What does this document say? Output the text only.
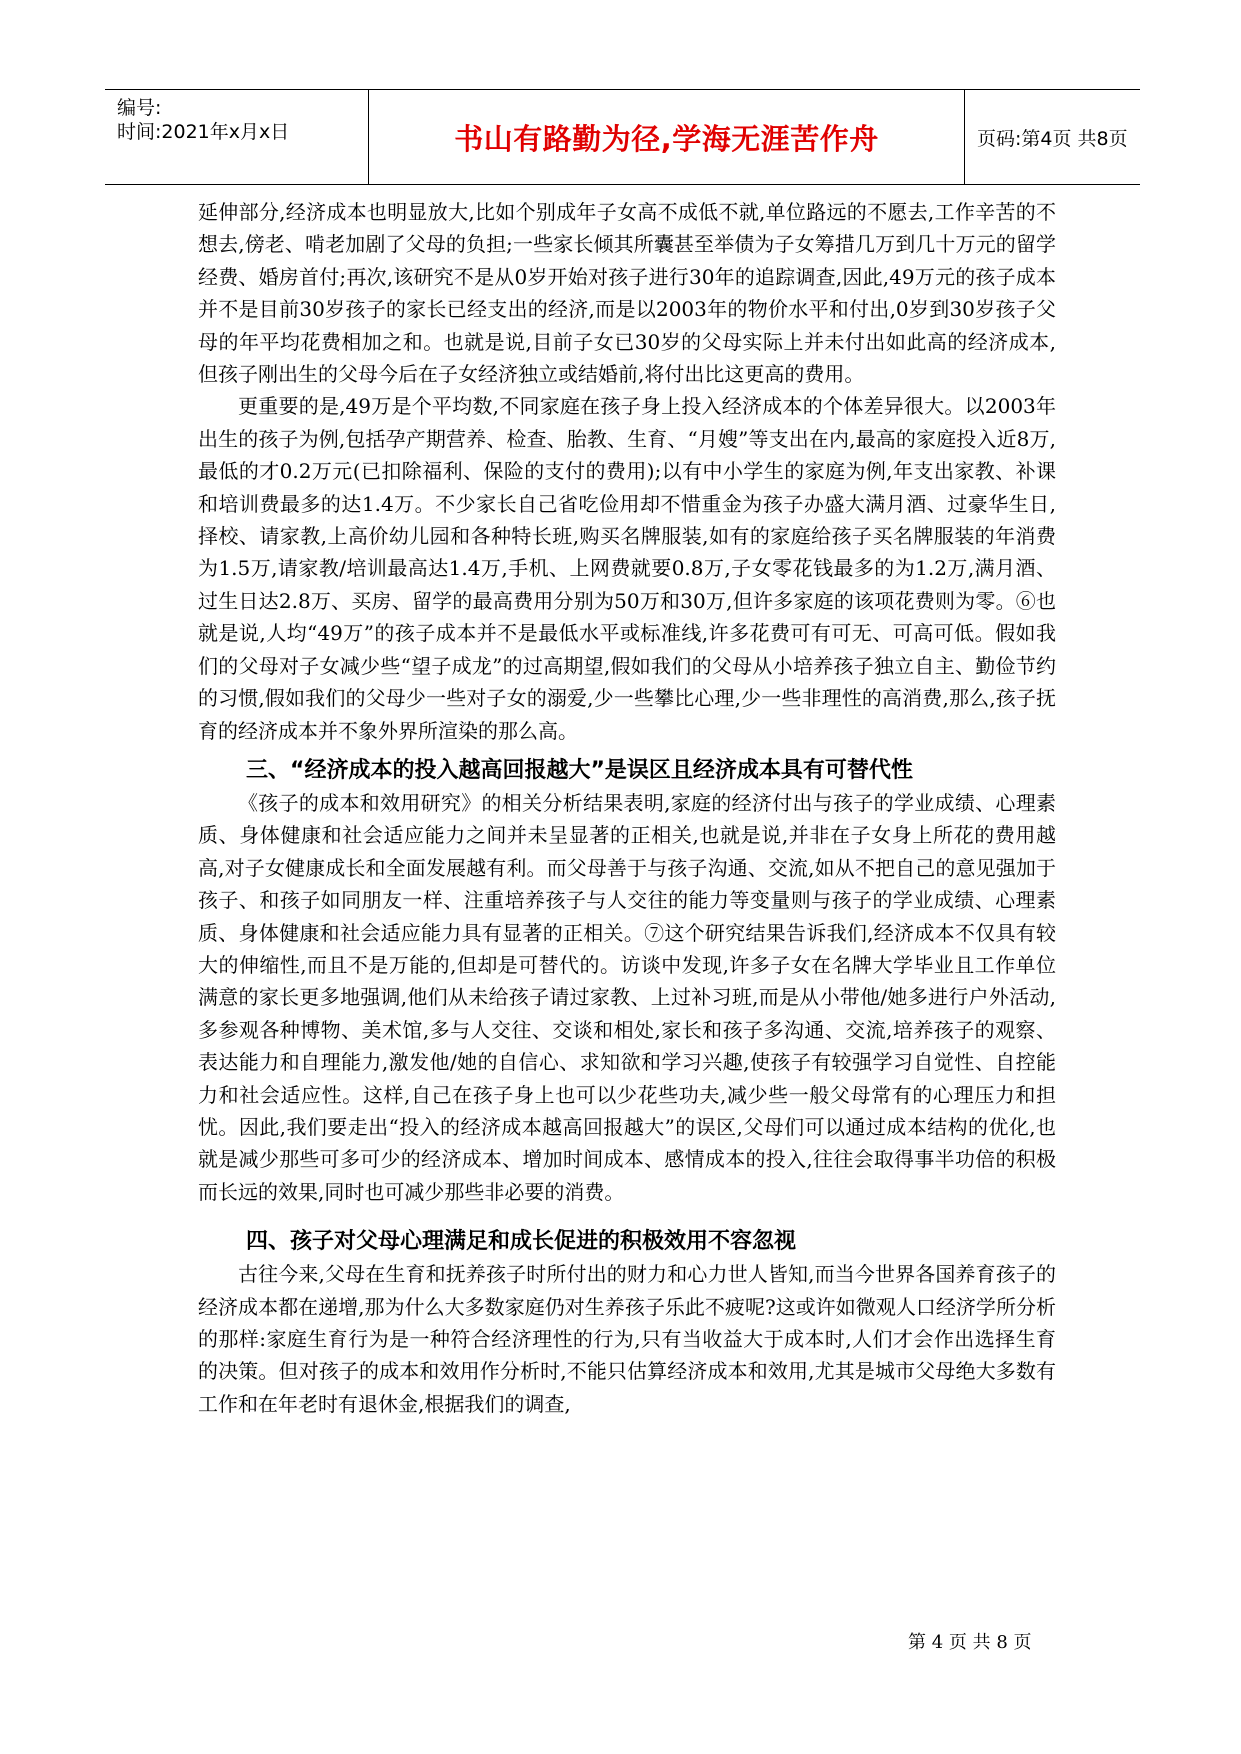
编号:
时间:2021年x月x日	书山有路勤为径,学海无涯苦作舟	页码:第4页 共8页

延伸部分,经济成本也明显放大,比如个别成年子女高不成低不就,单位路远的不愿去,工作辛苦的不想去,傍老、啃老加剧了父母的负担;一些家长倾其所囊甚至举债为子女筹措几万到几十万元的留学经费、婚房首付;再次,该研究不是从0岁开始对孩子进行30年的追踪调查,因此,49万元的孩子成本并不是目前30岁孩子的家长已经支出的经济,而是以2003年的物价水平和付出,0岁到30岁孩子父母的年平均花费相加之和。也就是说,目前子女已30岁的父母实际上并未付出如此高的经济成本,但孩子刚出生的父母今后在子女经济独立或结婚前,将付出比这更高的费用。

更重要的是,49万是个平均数,不同家庭在孩子身上投入经济成本的个体差异很大。以2003年出生的孩子为例,包括孕产期营养、检查、胎教、生育、“月嫂”等支出在内,最高的家庭投入近8万,最低的才0.2万元(已扣除福利、保险的支付的费用);以有中小学生的家庭为例,年支出家教、补课和培训费最多的达1.4万。不少家长自己省吃俭用却不惜重金为孩子办盛大满月酒、过豪华生日,择校、请家教,上高价幼儿园和各种特长班,购买名牌服装,如有的家庭给孩子买名牌服装的年消费为1.5万,请家教/培训最高达1.4万,手机、上网费就要0.8万,子女零花钱最多的为1.2万,满月酒、过生日达2.8万、买房、留学的最高费用分别为50万和30万,但许多家庭的该项花费则为零。⑥也就是说,人均“49万”的孩子成本并不是最低水平或标准线,许多花费可有可无、可高可低。假如我们的父母对子女减少些“望子成龙”的过高期望,假如我们的父母从小培养孩子独立自主、勤俭节约的习惯,假如我们的父母少一些对子女的溺爱,少一些攀比心理,少一些非理性的高消费,那么,孩子抚育的经济成本并不象外界所渲染的那么高。

三、“经济成本的投入越高回报越大”是误区且经济成本具有可替代性

《孩子的成本和效用研究》的相关分析结果表明,家庭的经济付出与孩子的学业成绩、心理素质、身体健康和社会适应能力之间并未呈显著的正相关,也就是说,并非在子女身上所花的费用越高,对子女健康成长和全面发展越有利。而父母善于与孩子沟通、交流,如从不把自己的意见强加于孩子、和孩子如同朋友一样、注重培养孩子与人交往的能力等变量则与孩子的学业成绩、心理素质、身体健康和社会适应能力具有显著的正相关。⑦这个研究结果告诉我们,经济成本不仅具有较大的伸缩性,而且不是万能的,但却是可替代的。访谈中发现,许多子女在名牌大学毕业且工作单位满意的家长更多地强调,他们从未给孩子请过家教、上过补习班,而是从小带他/她多进行户外活动,多参观各种博物、美术馆,多与人交往、交谈和相处,家长和孩子多沟通、交流,培养孩子的观察、表达能力和自理能力,激发他/她的自信心、求知欲和学习兴趣,使孩子有较强学习自觉性、自控能力和社会适应性。这样,自己在孩子身上也可以少花些功夫,减少些一般父母常有的心理压力和担忧。因此,我们要走出“投入的经济成本越高回报越大”的误区,父母们可以通过成本结构的优化,也就是减少那些可多可少的经济成本、增加时间成本、感情成本的投入,往往会取得事半功倍的积极而长远的效果,同时也可减少那些非必要的消费。

四、孩子对父母心理满足和成长促进的积极效用不容忽视

古往今来,父母在生育和抚养孩子时所付出的财力和心力世人皆知,而当今世界各国养育孩子的经济成本都在递增,那为什么大多数家庭仍对生养孩子乐此不疲呢?这或许如微观人口经济学所分析的那样:家庭生育行为是一种符合经济理性的行为,只有当收益大于成本时,人们才会作出选择生育的决策。但对孩子的成本和效用作分析时,不能只估算经济成本和效用,尤其是城市父母绝大多数有工作和在年老时有退休金,根据我们的调查,

第 4 页 共 8 页
